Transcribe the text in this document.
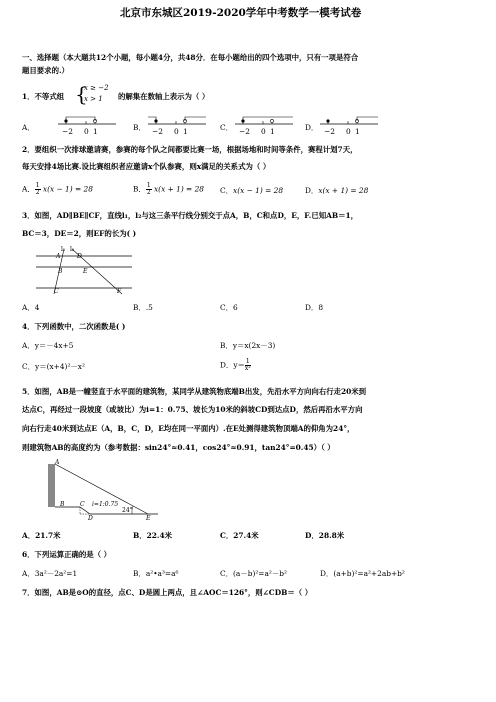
北京市东城区2019-2020学年中考数学一模考试卷
一、选择题（本大题共12个小题，每小题4分，共48分．在每小题给出的四个选项中，只有一项是符合
题目要求的.）
1．不等式组 {
x ≥ −2
x > 1 的解集在数轴上表示为（ ）
A．	−2 0 1	B． −2 0 1	C． −2 0 1	D． −2 0 1
2．要组织一次排球邀请赛，参赛的每个队之间都要比赛一场，根据场地和时间等条件，赛程计划7天，
每天安排4场比赛.设比赛组织者应邀请x个队参赛，则x满足的关系式为（ ）
A． $\frac{1}{2} x(x - 1) = 28$	B． $\frac{1}{2} x(x + 1) = 28$ C．x(x − 1) = 28	D．x(x + 1) = 28
3．如图，AD∥BE∥CF，直线l₁，l₂与这三条平行线分别交于点A，B，C和点D，E，F.已知AB＝1，
BC＝3，DE＝2，则EF的长为( )
l₁ l₂
A	D
B	E
C	F
A．4	B．.5	C．6	D．8
4．下列函数中，二次函数是( )
A．y＝－4x+5	B．y＝x(2x－3)
C．y＝(x+4)²－x²	D．$y= \frac{1}{\text{x²}}$
5．如图，AB是一幢竖直于水平面的建筑物，某同学从建筑物底端B出发，先沿水平方向向右行走20米到
达点C，再经过一段坡度（或坡比）为i=1：0.75、坡长为10米的斜坡CD到达点D，然后再沿水平方向
向右行走40米到达点E（A，B，C，D，E均在同一平面内）.在E处测得建筑物顶端A的仰角为24°，
则建筑物AB的高度约为（参考数据：sin24°≈0.41，cos24°≈0.91，tan24°=0.45）（ ）
A
B	C i=1:0.75
24°
D	E
A．21.7米	B．22.4米	C．27.4米	D．28.8米
6．下列运算正确的是（ ）
A．3a²－2a²=1	B．a²•a³=a⁶	C．(a－b)²=a²－b²	D．(a+b)²=a²+2ab+b²
7．如图，AB是⊙O的直径，点C、D是圆上两点，且∠AOC＝126°，则∠CDB＝（ ）
